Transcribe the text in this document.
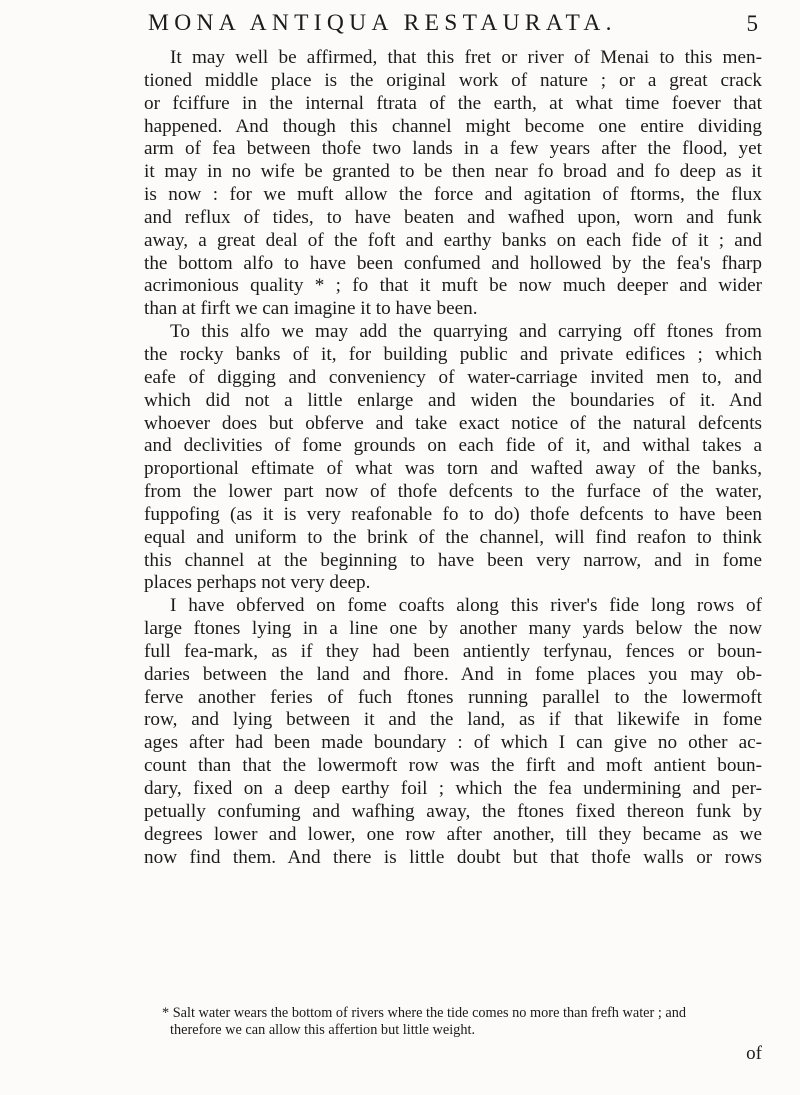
MONA ANTIQUA RESTAURATA.	5
It may well be affirmed, that this fret or river of Menai to this men-
tioned middle place is the original work of nature ; or a great crack
or fciffure in the internal ftrata of the earth, at what time foever that
happened. And though this channel might become one entire dividing
arm of fea between thofe two lands in a few years after the flood, yet
it may in no wife be granted to be then near fo broad and fo deep as it
is now : for we muft allow the force and agitation of ftorms, the flux
and reflux of tides, to have beaten and wafhed upon, worn and funk
away, a great deal of the foft and earthy banks on each fide of it ; and
the bottom alfo to have been confumed and hollowed by the fea's fharp
acrimonious quality * ; fo that it muft be now much deeper and wider
than at firft we can imagine it to have been.
To this alfo we may add the quarrying and carrying off ftones from
the rocky banks of it, for building public and private edifices ; which
eafe of digging and conveniency of water-carriage invited men to, and
which did not a little enlarge and widen the boundaries of it. And
whoever does but obferve and take exact notice of the natural defcents
and declivities of fome grounds on each fide of it, and withal takes a
proportional eftimate of what was torn and wafted away of the banks,
from the lower part now of thofe defcents to the furface of the water,
fuppofing (as it is very reafonable fo to do) thofe defcents to have been
equal and uniform to the brink of the channel, will find reafon to think
this channel at the beginning to have been very narrow, and in fome
places perhaps not very deep.
I have obferved on fome coafts along this river's fide long rows of
large ftones lying in a line one by another many yards below the now
full fea-mark, as if they had been antiently terfynau, fences or boun-
daries between the land and fhore. And in fome places you may ob-
ferve another feries of fuch ftones running parallel to the lowermoft
row, and lying between it and the land, as if that likewife in fome
ages after had been made boundary : of which I can give no other ac-
count than that the lowermoft row was the firft and moft antient boun-
dary, fixed on a deep earthy foil ; which the fea undermining and per-
petually confuming and wafhing away, the ftones fixed thereon funk by
degrees lower and lower, one row after another, till they became as we
now find them. And there is little doubt but that thofe walls or rows
* Salt water wears the bottom of rivers where the tide comes no more than frefh water ; and
therefore we can allow this affertion but little weight.
of
